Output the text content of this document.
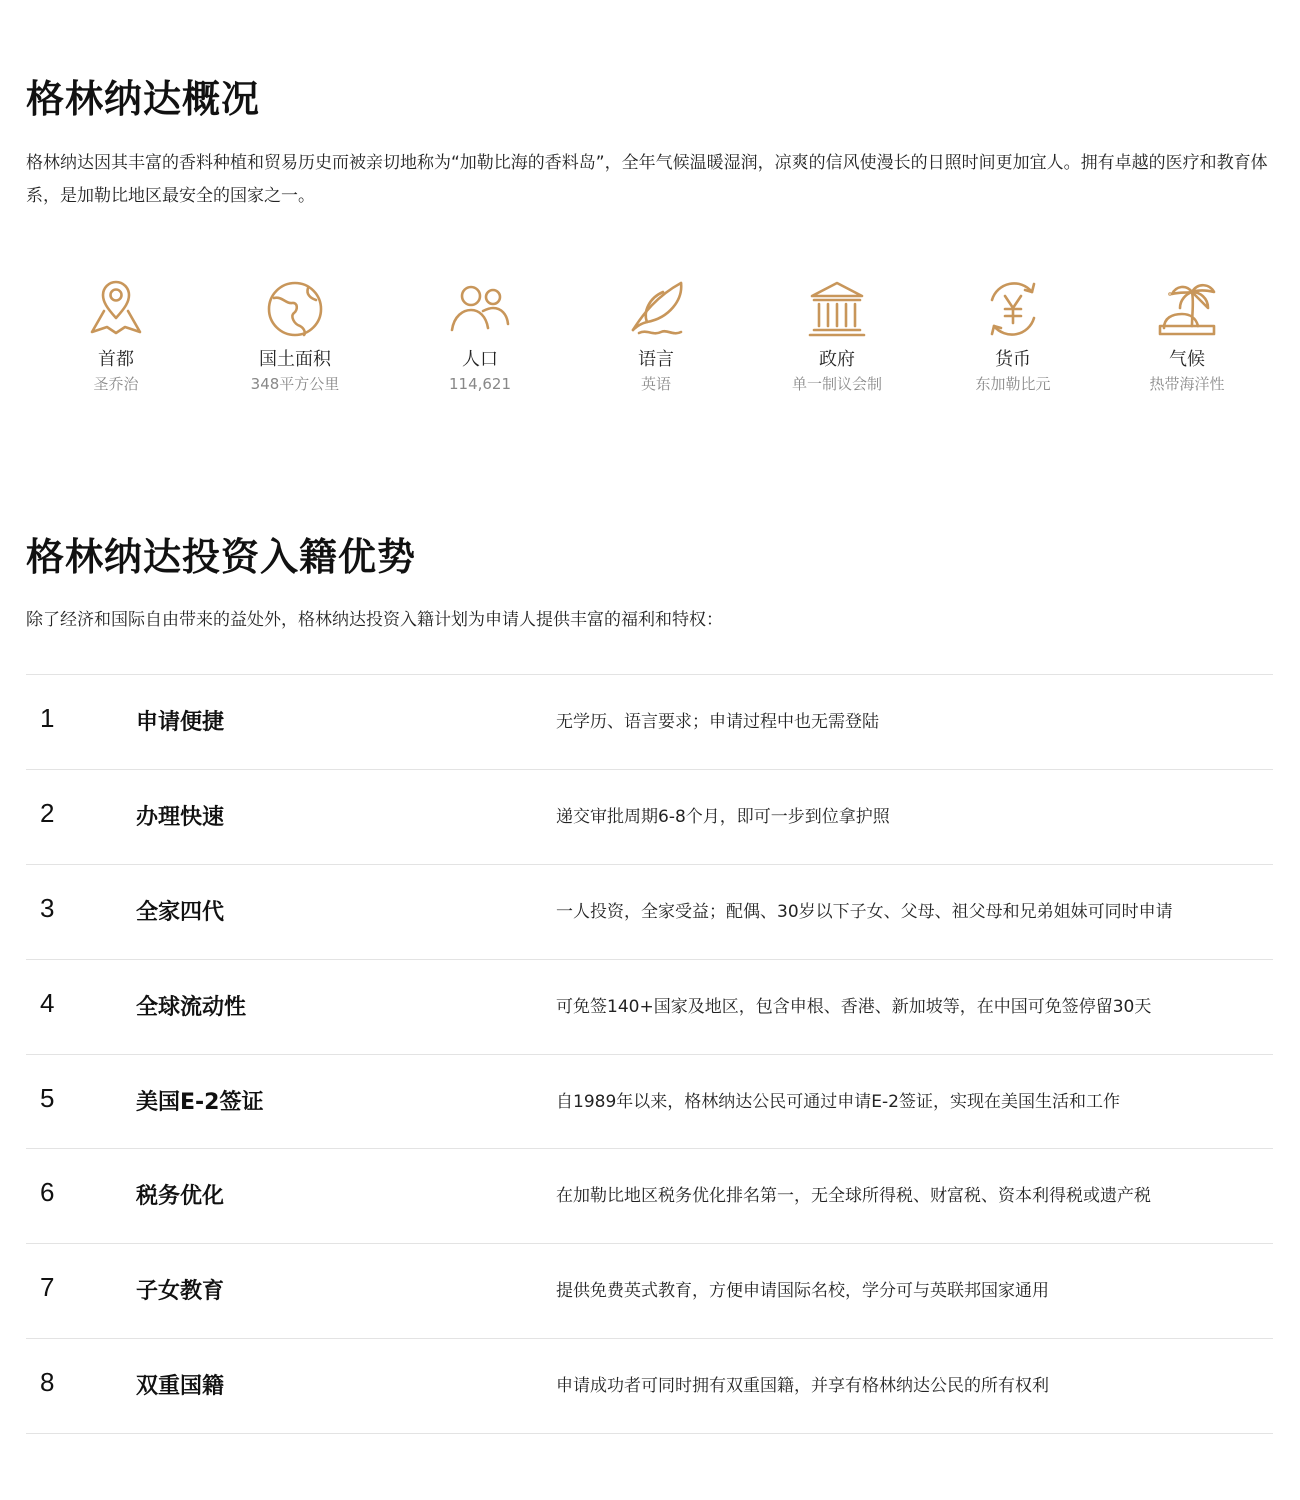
格林纳达概况

格林纳达因其丰富的香料种植和贸易历史而被亲切地称为“加勒比海的香料岛”，全年气候温暖湿润，凉爽的信风使漫长的日照时间更加宜人。拥有卓越的医疗和教育体系，是加勒比地区最安全的国家之一。

首都
圣乔治
国土面积
348平方公里
人口
114,621
语言
英语
政府
单一制议会制
货币
东加勒比元
气候
热带海洋性
格林纳达投资入籍优势

除了经济和国际自由带来的益处外，格林纳达投资入籍计划为申请人提供丰富的福利和特权：

1	申请便捷	无学历、语言要求；申请过程中也无需登陆
2	办理快速	递交审批周期6-8个月，即可一步到位拿护照
3	全家四代	一人投资，全家受益；配偶、30岁以下子女、父母、祖父母和兄弟姐妹可同时申请
4	全球流动性	可免签140+国家及地区，包含申根、香港、新加坡等，在中国可免签停留30天
5	美国E-2签证	自1989年以来，格林纳达公民可通过申请E-2签证，实现在美国生活和工作
6	税务优化	在加勒比地区税务优化排名第一，无全球所得税、财富税、资本利得税或遗产税
7	子女教育	提供免费英式教育，方便申请国际名校，学分可与英联邦国家通用
8	双重国籍	申请成功者可同时拥有双重国籍，并享有格林纳达公民的所有权利
